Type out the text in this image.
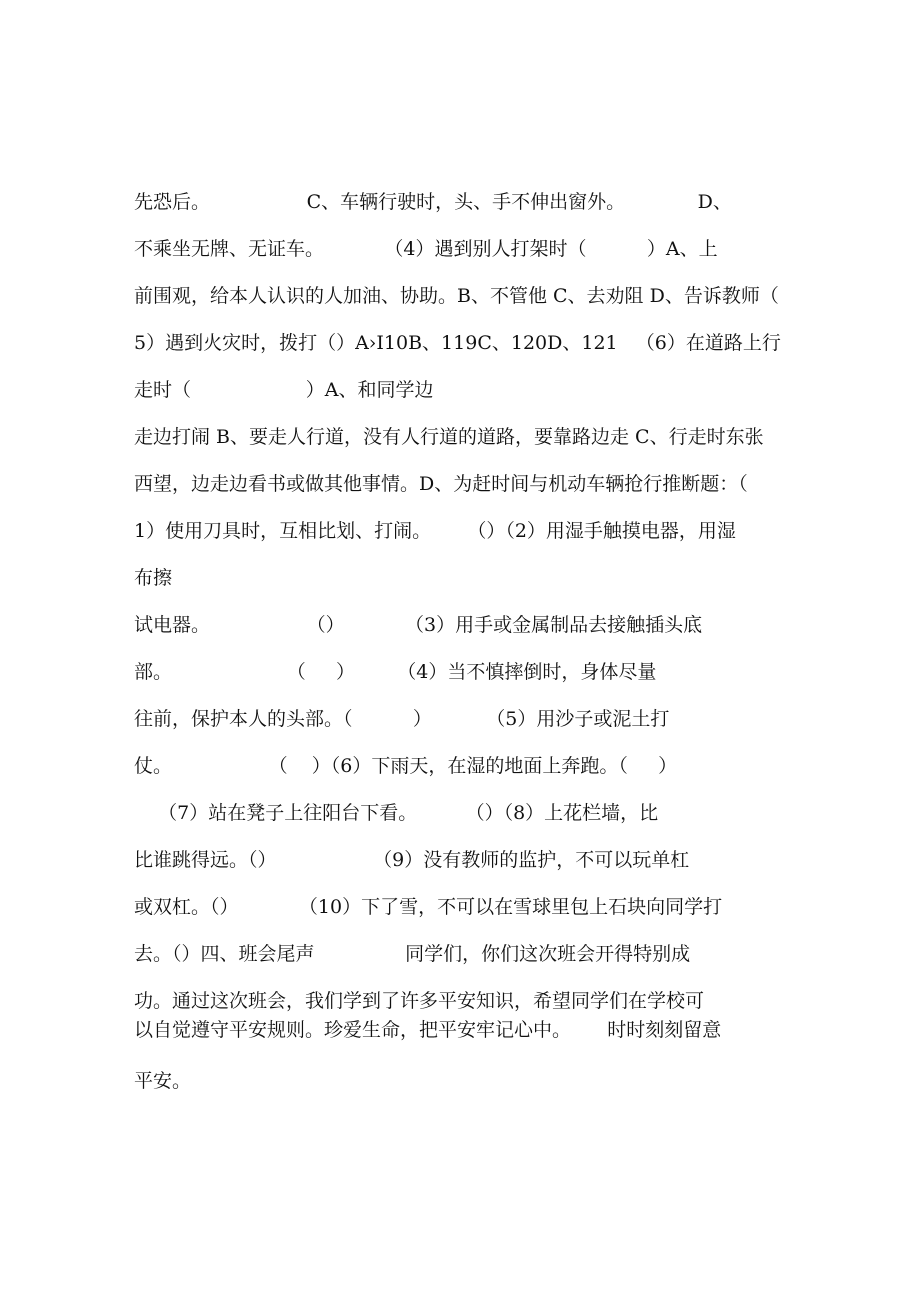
先恐后。                C、车辆行驶时，头、手不伸出窗外。            D、
不乘坐无牌、无证车。          （4）遇到别人打架时（          ）A、上
前围观，给本人认识的人加油、协助。B、不管他 C、去劝阻 D、告诉教师（
5）遇到火灾时，拨打（）A›I10B、119C、120D、121   （6）在道路上行
走时（                   ）A、和同学边
走边打闹 B、要走人行道，没有人行道的道路，要靠路边走 C、行走时东张
西望，边走边看书或做其他事情。D、为赶时间与机动车辆抢行推断题：（
1）使用刀具时，互相比划、打闹。      （）（2）用湿手触摸电器，用湿
布擦
试电器。                （）          （3）用手或金属制品去接触插头底
部。                   （     ）       （4）当不慎摔倒时，身体尽量
往前，保护本人的头部。（          ）         （5）用沙子或泥土打
仗。                （    ）（6）下雨天，在湿的地面上奔跑。（     ）
（7）站在凳子上往阳台下看。        （）（8）上花栏墙，比
比谁跳得远。（）                （9）没有教师的监护，不可以玩单杠
或双杠。（）          （10）下了雪，不可以在雪球里包上石块向同学打
去。（）四、班会尾声               同学们，你们这次班会开得特别成
功。通过这次班会，我们学到了许多平安知识，希望同学们在学校可
以自觉遵守平安规则。珍爱生命，把平安牢记心中。      时时刻刻留意
平安。
